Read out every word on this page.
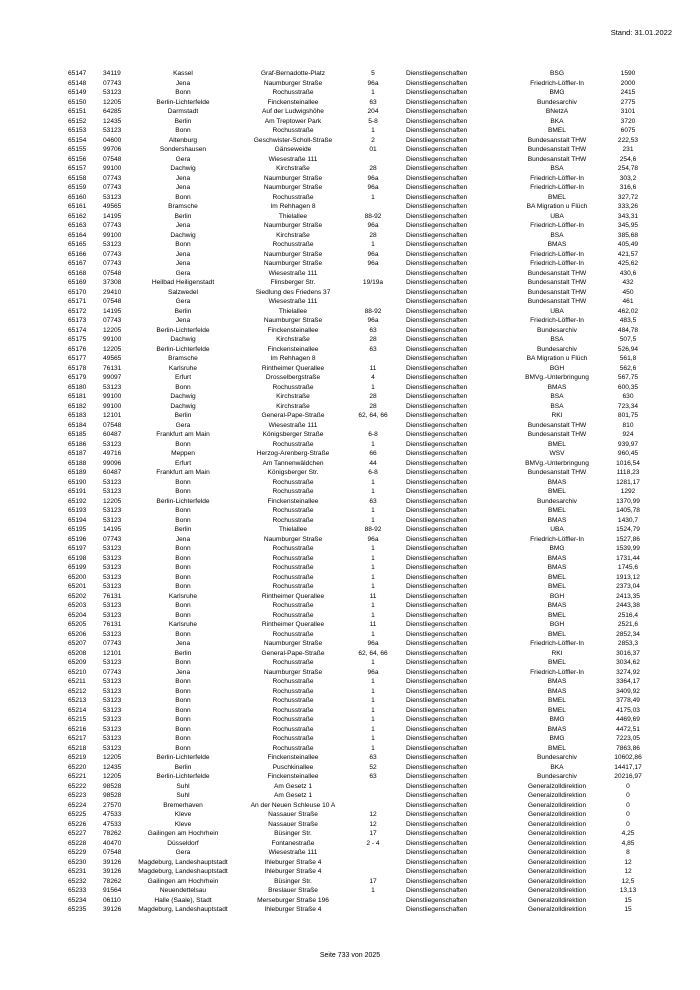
Stand: 31.01.2022
65147	34119	Kassel	Graf-Bernadotte-Platz	5		Dienstliegenschaften	BSG	1590
65148	07743	Jena	Naumburger Straße	96a		Dienstliegenschaften	Friedrich-Löffler-In	2000
65149	53123	Bonn	Rochusstraße	1		Dienstliegenschaften	BMG	2415
65150	12205	Berlin-Lichterfelde	Finckensteinallee	63		Dienstliegenschaften	Bundesarchiv	2775
65151	64285	Darmstadt	Auf der Ludwigshöhe	204		Dienstliegenschaften	BNetzA	3101
65152	12435	Berlin	Am Treptower Park	5-8		Dienstliegenschaften	BKA	3720
65153	53123	Bonn	Rochusstraße	1		Dienstliegenschaften	BMEL	6075
65154	04600	Altenburg	Geschwister-Scholl-Straße	2		Dienstliegenschaften	Bundesanstalt THW	222,53
65155	99706	Sondershausen	Gänseweide	01		Dienstliegenschaften	Bundesanstalt THW	231
65156	07548	Gera	Wiesestraße 111			Dienstliegenschaften	Bundesanstalt THW	254,6
65157	99100	Dachwig	Kirchstraße	28		Dienstliegenschaften	BSA	254,78
65158	07743	Jena	Naumburger Straße	96a		Dienstliegenschaften	Friedrich-Löffler-In	303,2
65159	07743	Jena	Naumburger Straße	96a		Dienstliegenschaften	Friedrich-Löffler-In	316,6
65160	53123	Bonn	Rochusstraße	1		Dienstliegenschaften	BMEL	327,72
65161	49565	Bramsche	Im Rehhagen 8			Dienstliegenschaften	BA Migration u Flüch	333,26
65162	14195	Berlin	Thielallee	88-92		Dienstliegenschaften	UBA	343,31
65163	07743	Jena	Naumburger Straße	96a		Dienstliegenschaften	Friedrich-Löffler-In	345,95
65164	99100	Dachwig	Kirchstraße	28		Dienstliegenschaften	BSA	385,68
65165	53123	Bonn	Rochusstraße	1		Dienstliegenschaften	BMAS	405,49
65166	07743	Jena	Naumburger Straße	96a		Dienstliegenschaften	Friedrich-Löffler-In	421,57
65167	07743	Jena	Naumburger Straße	96a		Dienstliegenschaften	Friedrich-Löffler-In	425,62
65168	07548	Gera	Wiesestraße 111			Dienstliegenschaften	Bundesanstalt THW	430,6
65169	37308	Heilbad Heiligenstadt	Flinsberger Str.	19/19a		Dienstliegenschaften	Bundesanstalt THW	432
65170	29410	Salzwedel	Siedlung des Friedens 37			Dienstliegenschaften	Bundesanstalt THW	450
65171	07548	Gera	Wiesestraße 111			Dienstliegenschaften	Bundesanstalt THW	461
65172	14195	Berlin	Thielallee	88-92		Dienstliegenschaften	UBA	462,02
65173	07743	Jena	Naumburger Straße	96a		Dienstliegenschaften	Friedrich-Löffler-In	483,5
65174	12205	Berlin-Lichterfelde	Finckensteinallee	63		Dienstliegenschaften	Bundesarchiv	484,78
65175	99100	Dachwig	Kirchstraße	28		Dienstliegenschaften	BSA	507,5
65176	12205	Berlin-Lichterfelde	Finckensteinallee	63		Dienstliegenschaften	Bundesarchiv	526,94
65177	49565	Bramsche	Im Rehhagen 8			Dienstliegenschaften	BA Migration u Flüch	561,8
65178	76131	Karlsruhe	Rintheimer Querallee	11		Dienstliegenschaften	BGH	562,6
65179	99097	Erfurt	Drosselbergstraße	4		Dienstliegenschaften	BMVg.-Unterbringung	567,75
65180	53123	Bonn	Rochusstraße	1		Dienstliegenschaften	BMAS	600,35
65181	99100	Dachwig	Kirchstraße	28		Dienstliegenschaften	BSA	630
65182	99100	Dachwig	Kirchstraße	28		Dienstliegenschaften	BSA	723,34
65183	12101	Berlin	General-Pape-Straße	62, 64, 66		Dienstliegenschaften	RKI	801,75
65184	07548	Gera	Wiesestraße 111			Dienstliegenschaften	Bundesanstalt THW	810
65185	60487	Frankfurt am Main	Königsberger Straße	6-8		Dienstliegenschaften	Bundesanstalt THW	924
65186	53123	Bonn	Rochusstraße	1		Dienstliegenschaften	BMEL	939,97
65187	49716	Meppen	Herzog-Arenberg-Straße	66		Dienstliegenschaften	WSV	960,45
65188	99096	Erfurt	Am Tannenwäldchen	44		Dienstliegenschaften	BMVg.-Unterbringung	1016,54
65189	60487	Frankfurt am Main	Königsberger Str.	6-8		Dienstliegenschaften	Bundesanstalt THW	1118,23
65190	53123	Bonn	Rochusstraße	1		Dienstliegenschaften	BMAS	1281,17
65191	53123	Bonn	Rochusstraße	1		Dienstliegenschaften	BMEL	1292
65192	12205	Berlin-Lichterfelde	Finckensteinallee	63		Dienstliegenschaften	Bundesarchiv	1370,99
65193	53123	Bonn	Rochusstraße	1		Dienstliegenschaften	BMEL	1405,78
65194	53123	Bonn	Rochusstraße	1		Dienstliegenschaften	BMAS	1430,7
65195	14195	Berlin	Thielallee	88-92		Dienstliegenschaften	UBA	1524,79
65196	07743	Jena	Naumburger Straße	96a		Dienstliegenschaften	Friedrich-Löffler-In	1527,86
65197	53123	Bonn	Rochusstraße	1		Dienstliegenschaften	BMG	1539,99
65198	53123	Bonn	Rochusstraße	1		Dienstliegenschaften	BMAS	1731,44
65199	53123	Bonn	Rochusstraße	1		Dienstliegenschaften	BMAS	1745,6
65200	53123	Bonn	Rochusstraße	1		Dienstliegenschaften	BMEL	1913,12
65201	53123	Bonn	Rochusstraße	1		Dienstliegenschaften	BMEL	2373,04
65202	76131	Karlsruhe	Rintheimer Querallee	11		Dienstliegenschaften	BGH	2413,35
65203	53123	Bonn	Rochusstraße	1		Dienstliegenschaften	BMAS	2443,38
65204	53123	Bonn	Rochusstraße	1		Dienstliegenschaften	BMEL	2516,4
65205	76131	Karlsruhe	Rintheimer Querallee	11		Dienstliegenschaften	BGH	2521,6
65206	53123	Bonn	Rochusstraße	1		Dienstliegenschaften	BMEL	2852,34
65207	07743	Jena	Naumburger Straße	96a		Dienstliegenschaften	Friedrich-Löffler-In	2853,3
65208	12101	Berlin	General-Pape-Straße	62, 64, 66		Dienstliegenschaften	RKI	3016,37
65209	53123	Bonn	Rochusstraße	1		Dienstliegenschaften	BMEL	3034,62
65210	07743	Jena	Naumburger Straße	96a		Dienstliegenschaften	Friedrich-Löffler-In	3274,92
65211	53123	Bonn	Rochusstraße	1		Dienstliegenschaften	BMAS	3364,17
65212	53123	Bonn	Rochusstraße	1		Dienstliegenschaften	BMAS	3409,92
65213	53123	Bonn	Rochusstraße	1		Dienstliegenschaften	BMEL	3778,49
65214	53123	Bonn	Rochusstraße	1		Dienstliegenschaften	BMEL	4175,03
65215	53123	Bonn	Rochusstraße	1		Dienstliegenschaften	BMG	4469,69
65216	53123	Bonn	Rochusstraße	1		Dienstliegenschaften	BMAS	4472,51
65217	53123	Bonn	Rochusstraße	1		Dienstliegenschaften	BMG	7223,05
65218	53123	Bonn	Rochusstraße	1		Dienstliegenschaften	BMEL	7863,86
65219	12205	Berlin-Lichterfelde	Finckensteinallee	63		Dienstliegenschaften	Bundesarchiv	10602,86
65220	12435	Berlin	Puschkinallee	52		Dienstliegenschaften	BKA	14417,17
65221	12205	Berlin-Lichterfelde	Finckensteinallee	63		Dienstliegenschaften	Bundesarchiv	20216,97
65222	98528	Suhl	Am Gesetz 1			Dienstliegenschaften	Generalzolldirektion	0
65223	98528	Suhl	Am Gesetz 1			Dienstliegenschaften	Generalzolldirektion	0
65224	27570	Bremerhaven	An der Neuen Schleuse 10 A			Dienstliegenschaften	Generalzolldirektion	0
65225	47533	Kleve	Nassauer Straße	12		Dienstliegenschaften	Generalzolldirektion	0
65226	47533	Kleve	Nassauer Straße	12		Dienstliegenschaften	Generalzolldirektion	0
65227	78262	Gailingen am Hochrhein	Büsinger Str.	17		Dienstliegenschaften	Generalzolldirektion	4,25
65228	40470	Düsseldorf	Fontanestraße	2 - 4		Dienstliegenschaften	Generalzolldirektion	4,85
65229	07548	Gera	Wiesestraße 111			Dienstliegenschaften	Generalzolldirektion	8
65230	39126	Magdeburg, Landeshauptstadt	Ihleburger Straße 4			Dienstliegenschaften	Generalzolldirektion	12
65231	39126	Magdeburg, Landeshauptstadt	Ihleburger Straße 4			Dienstliegenschaften	Generalzolldirektion	12
65232	78262	Gailingen am Hochrhein	Büsinger Str.	17		Dienstliegenschaften	Generalzolldirektion	12,5
65233	91564	Neuendettelsau	Breslauer Straße	1		Dienstliegenschaften	Generalzolldirektion	13,13
65234	06110	Halle (Saale), Stadt	Merseburger Straße 196			Dienstliegenschaften	Generalzolldirektion	15
65235	39126	Magdeburg, Landeshauptstadt	Ihleburger Straße 4			Dienstliegenschaften	Generalzolldirektion	15
Seite 733 von 2025
